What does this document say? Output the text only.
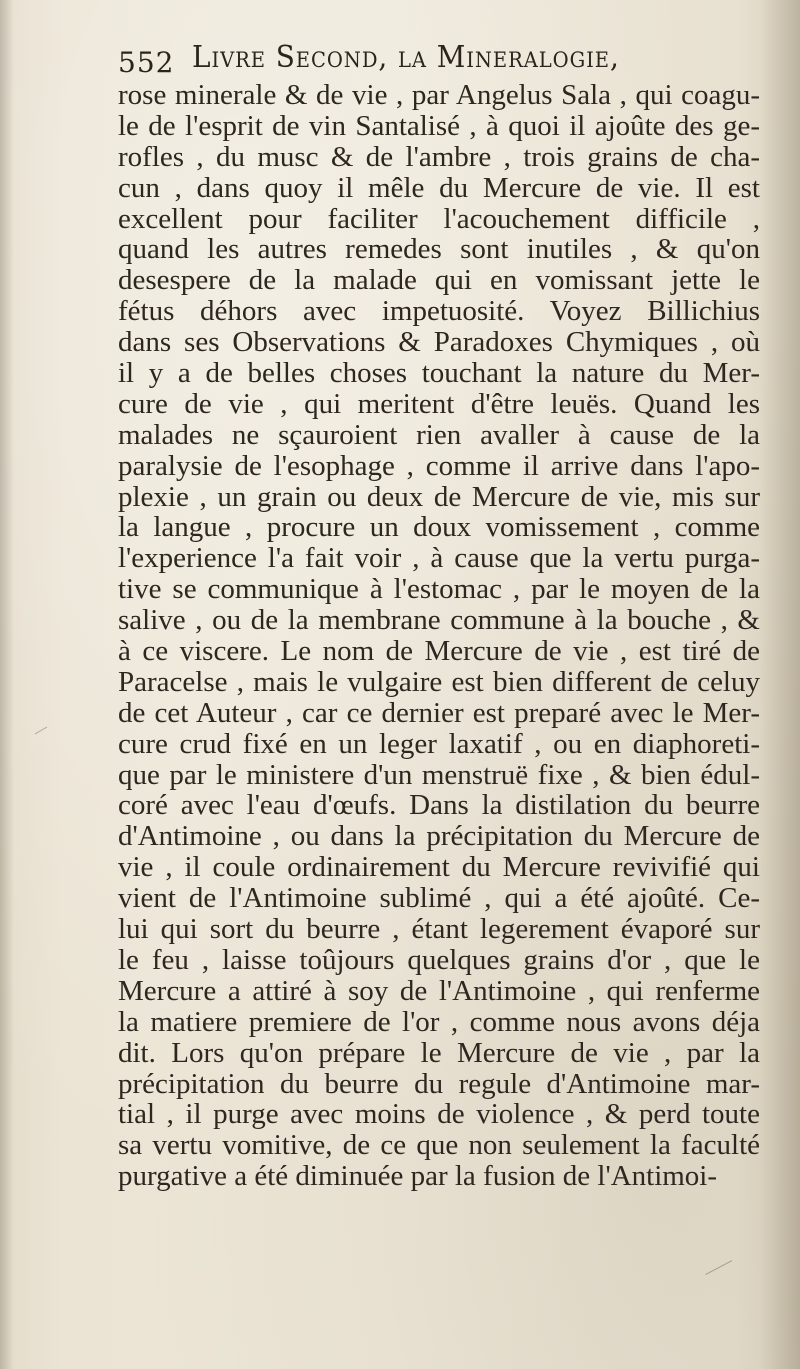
552 Livre Second, la Mineralogie,
rose minerale & de vie , par Angelus Sala , qui coagu-
le de l'esprit de vin Santalisé , à quoi il ajoûte des ge-
rofles , du musc & de l'ambre , trois grains de cha-
cun , dans quoy il mêle du Mercure de vie. Il est
excellent pour faciliter l'acouchement difficile ,
quand les autres remedes sont inutiles , & qu'on
desespere de la malade qui en vomissant jette le
fétus déhors avec impetuosité. Voyez Billichius
dans ses Observations & Paradoxes Chymiques , où
il y a de belles choses touchant la nature du Mer-
cure de vie , qui meritent d'être leuës. Quand les
malades ne sçauroient rien avaller à cause de la
paralysie de l'esophage , comme il arrive dans l'apo-
plexie , un grain ou deux de Mercure de vie, mis sur
la langue , procure un doux vomissement , comme
l'experience l'a fait voir , à cause que la vertu purga-
tive se communique à l'estomac , par le moyen de la
salive , ou de la membrane commune à la bouche , &
à ce viscere. Le nom de Mercure de vie , est tiré de
Paracelse , mais le vulgaire est bien different de celuy
de cet Auteur , car ce dernier est preparé avec le Mer-
cure crud fixé en un leger laxatif , ou en diaphoreti-
que par le ministere d'un menstruë fixe , & bien édul-
coré avec l'eau d'œufs. Dans la distilation du beurre
d'Antimoine , ou dans la précipitation du Mercure de
vie , il coule ordinairement du Mercure revivifié qui
vient de l'Antimoine sublimé , qui a été ajoûté. Ce-
lui qui sort du beurre , étant legerement évaporé sur
le feu , laisse toûjours quelques grains d'or , que le
Mercure a attiré à soy de l'Antimoine , qui renferme
la matiere premiere de l'or , comme nous avons déja
dit. Lors qu'on prépare le Mercure de vie , par la
précipitation du beurre du regule d'Antimoine mar-
tial , il purge avec moins de violence , & perd toute
sa vertu vomitive, de ce que non seulement la faculté
purgative a été diminuée par la fusion de l'Antimoi-
